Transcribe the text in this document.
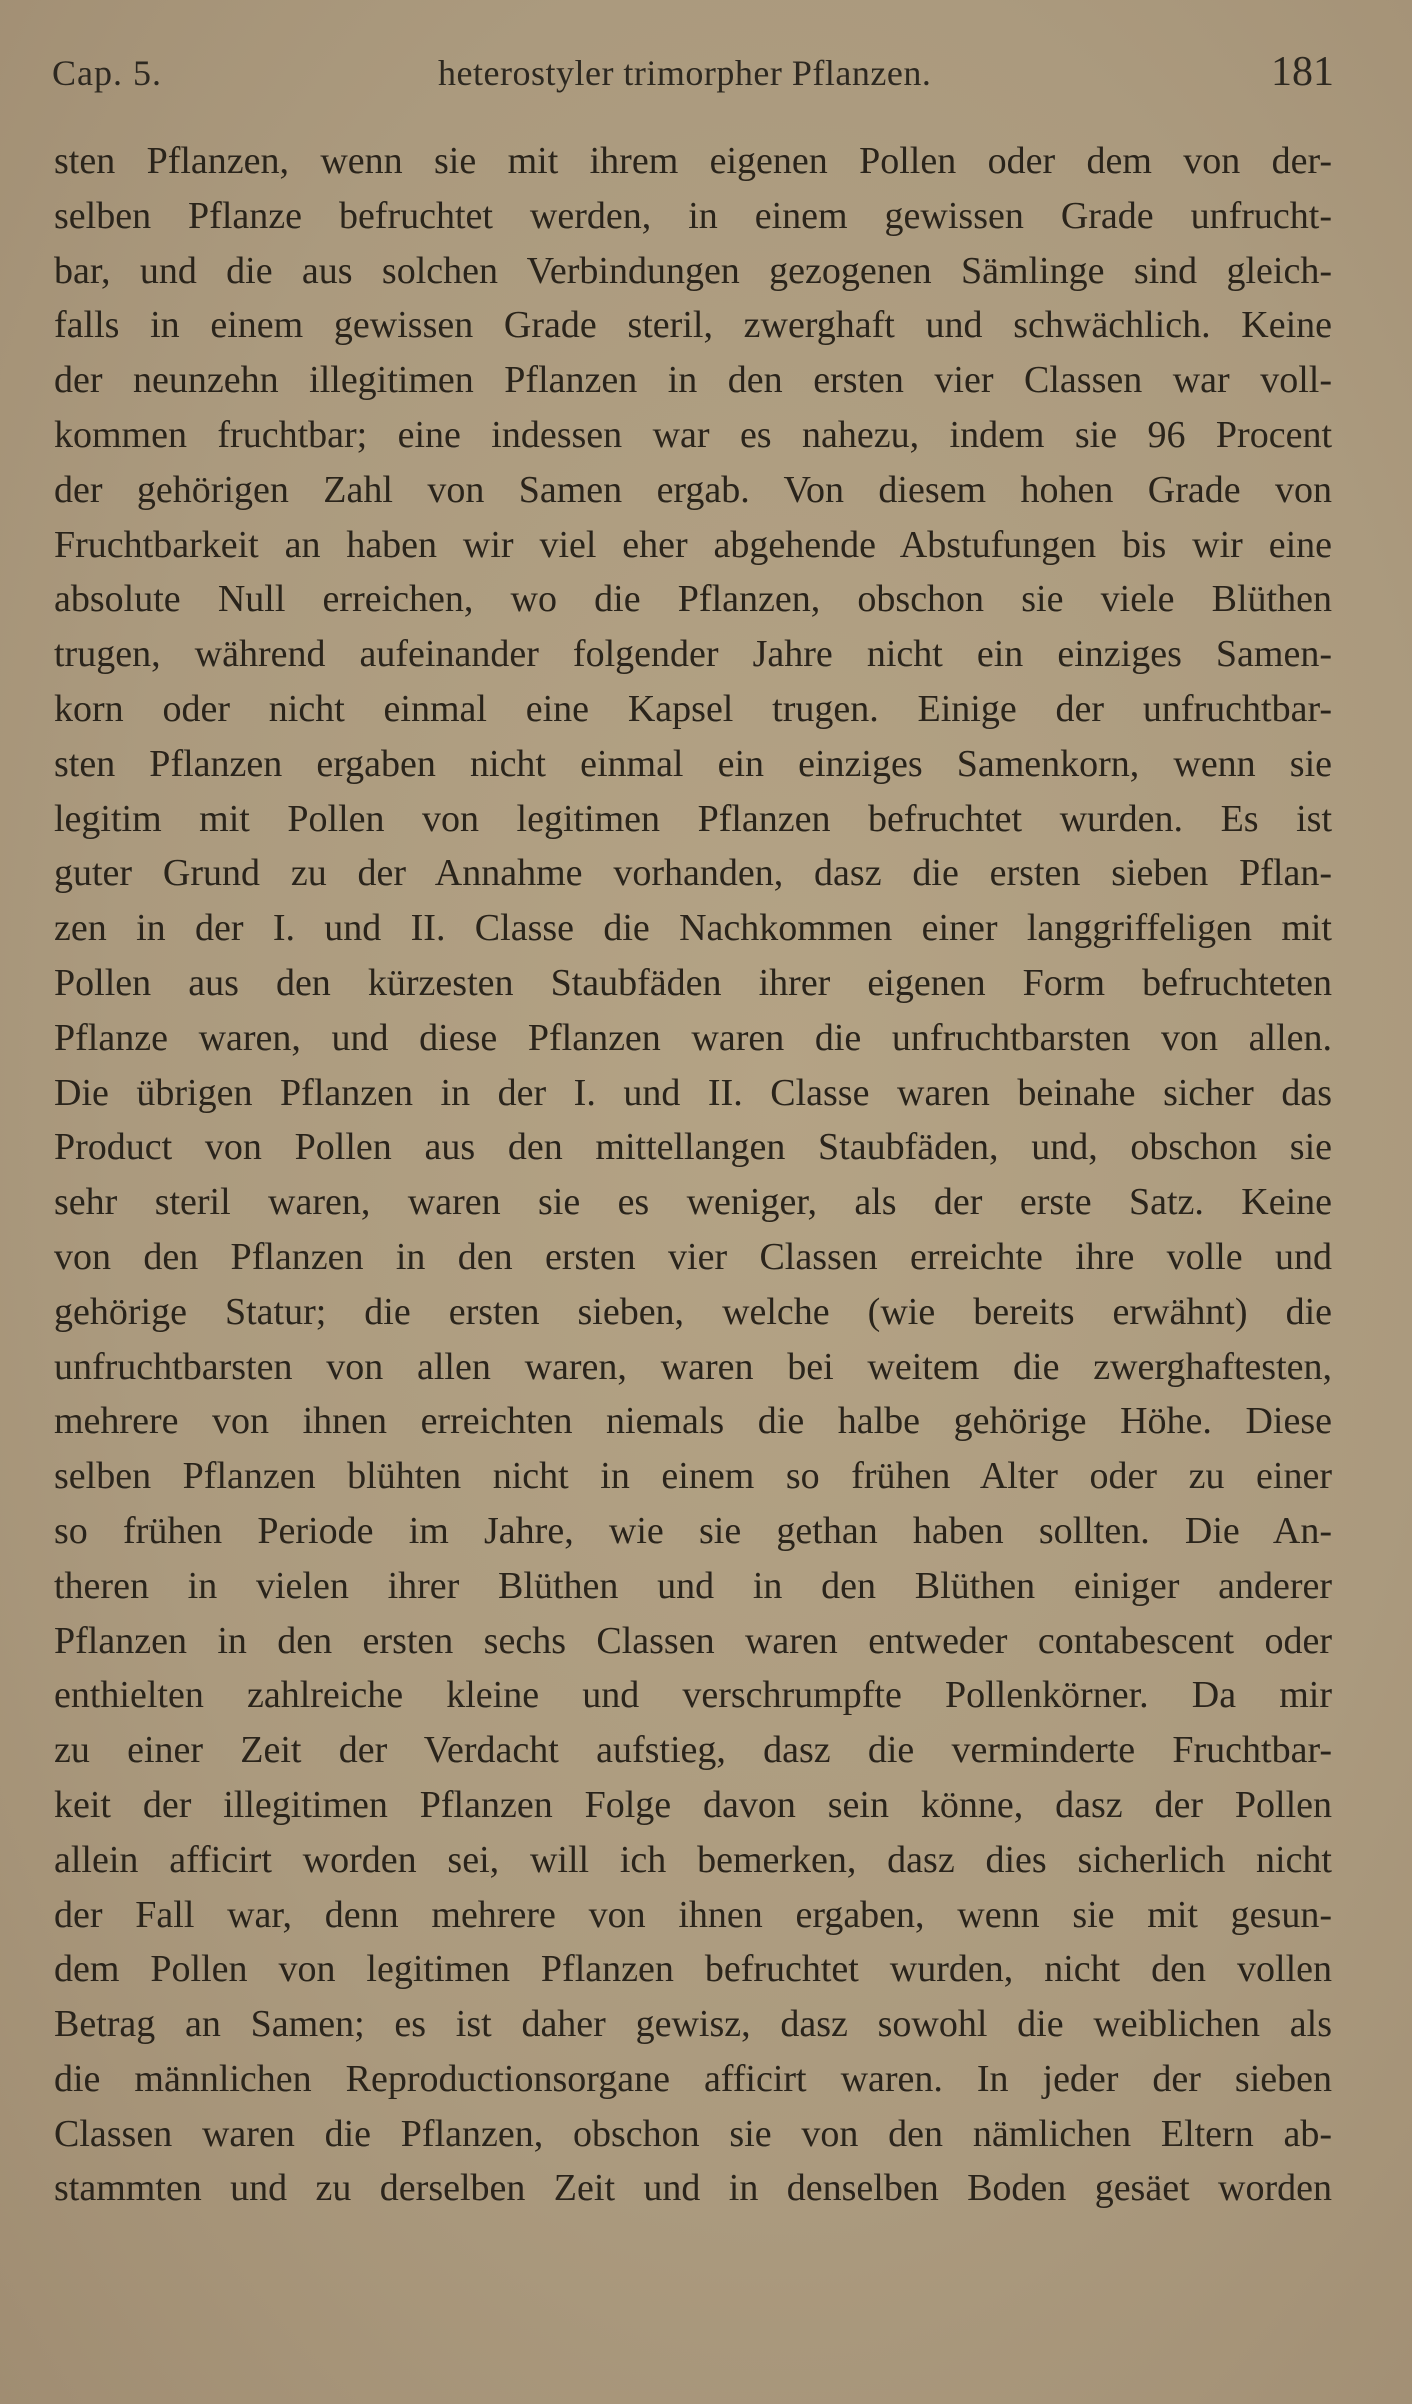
Cap. 5.	heterostyler trimorpher Pflanzen.	181
sten Pflanzen, wenn sie mit ihrem eigenen Pollen oder dem von der-
selben Pflanze befruchtet werden, in einem gewissen Grade unfrucht-
bar, und die aus solchen Verbindungen gezogenen Sämlinge sind gleich-
falls in einem gewissen Grade steril, zwerghaft und schwächlich. Keine
der neunzehn illegitimen Pflanzen in den ersten vier Classen war voll-
kommen fruchtbar; eine indessen war es nahezu, indem sie 96 Procent
der gehörigen Zahl von Samen ergab. Von diesem hohen Grade von
Fruchtbarkeit an haben wir viel eher abgehende Abstufungen bis wir eine
absolute Null erreichen, wo die Pflanzen, obschon sie viele Blüthen
trugen, während aufeinander folgender Jahre nicht ein einziges Samen-
korn oder nicht einmal eine Kapsel trugen. Einige der unfruchtbar-
sten Pflanzen ergaben nicht einmal ein einziges Samenkorn, wenn sie
legitim mit Pollen von legitimen Pflanzen befruchtet wurden. Es ist
guter Grund zu der Annahme vorhanden, dasz die ersten sieben Pflan-
zen in der I. und II. Classe die Nachkommen einer langgriffeligen mit
Pollen aus den kürzesten Staubfäden ihrer eigenen Form befruchteten
Pflanze waren, und diese Pflanzen waren die unfruchtbarsten von allen.
Die übrigen Pflanzen in der I. und II. Classe waren beinahe sicher das
Product von Pollen aus den mittellangen Staubfäden, und, obschon sie
sehr steril waren, waren sie es weniger, als der erste Satz. Keine
von den Pflanzen in den ersten vier Classen erreichte ihre volle und
gehörige Statur; die ersten sieben, welche (wie bereits erwähnt) die
unfruchtbarsten von allen waren, waren bei weitem die zwerghaftesten,
mehrere von ihnen erreichten niemals die halbe gehörige Höhe. Diese
selben Pflanzen blühten nicht in einem so frühen Alter oder zu einer
so frühen Periode im Jahre, wie sie gethan haben sollten. Die An-
theren in vielen ihrer Blüthen und in den Blüthen einiger anderer
Pflanzen in den ersten sechs Classen waren entweder contabescent oder
enthielten zahlreiche kleine und verschrumpfte Pollenkörner. Da mir
zu einer Zeit der Verdacht aufstieg, dasz die verminderte Fruchtbar-
keit der illegitimen Pflanzen Folge davon sein könne, dasz der Pollen
allein afficirt worden sei, will ich bemerken, dasz dies sicherlich nicht
der Fall war, denn mehrere von ihnen ergaben, wenn sie mit gesun-
dem Pollen von legitimen Pflanzen befruchtet wurden, nicht den vollen
Betrag an Samen; es ist daher gewisz, dasz sowohl die weiblichen als
die männlichen Reproductionsorgane afficirt waren. In jeder der sieben
Classen waren die Pflanzen, obschon sie von den nämlichen Eltern ab-
stammten und zu derselben Zeit und in denselben Boden gesäet worden
